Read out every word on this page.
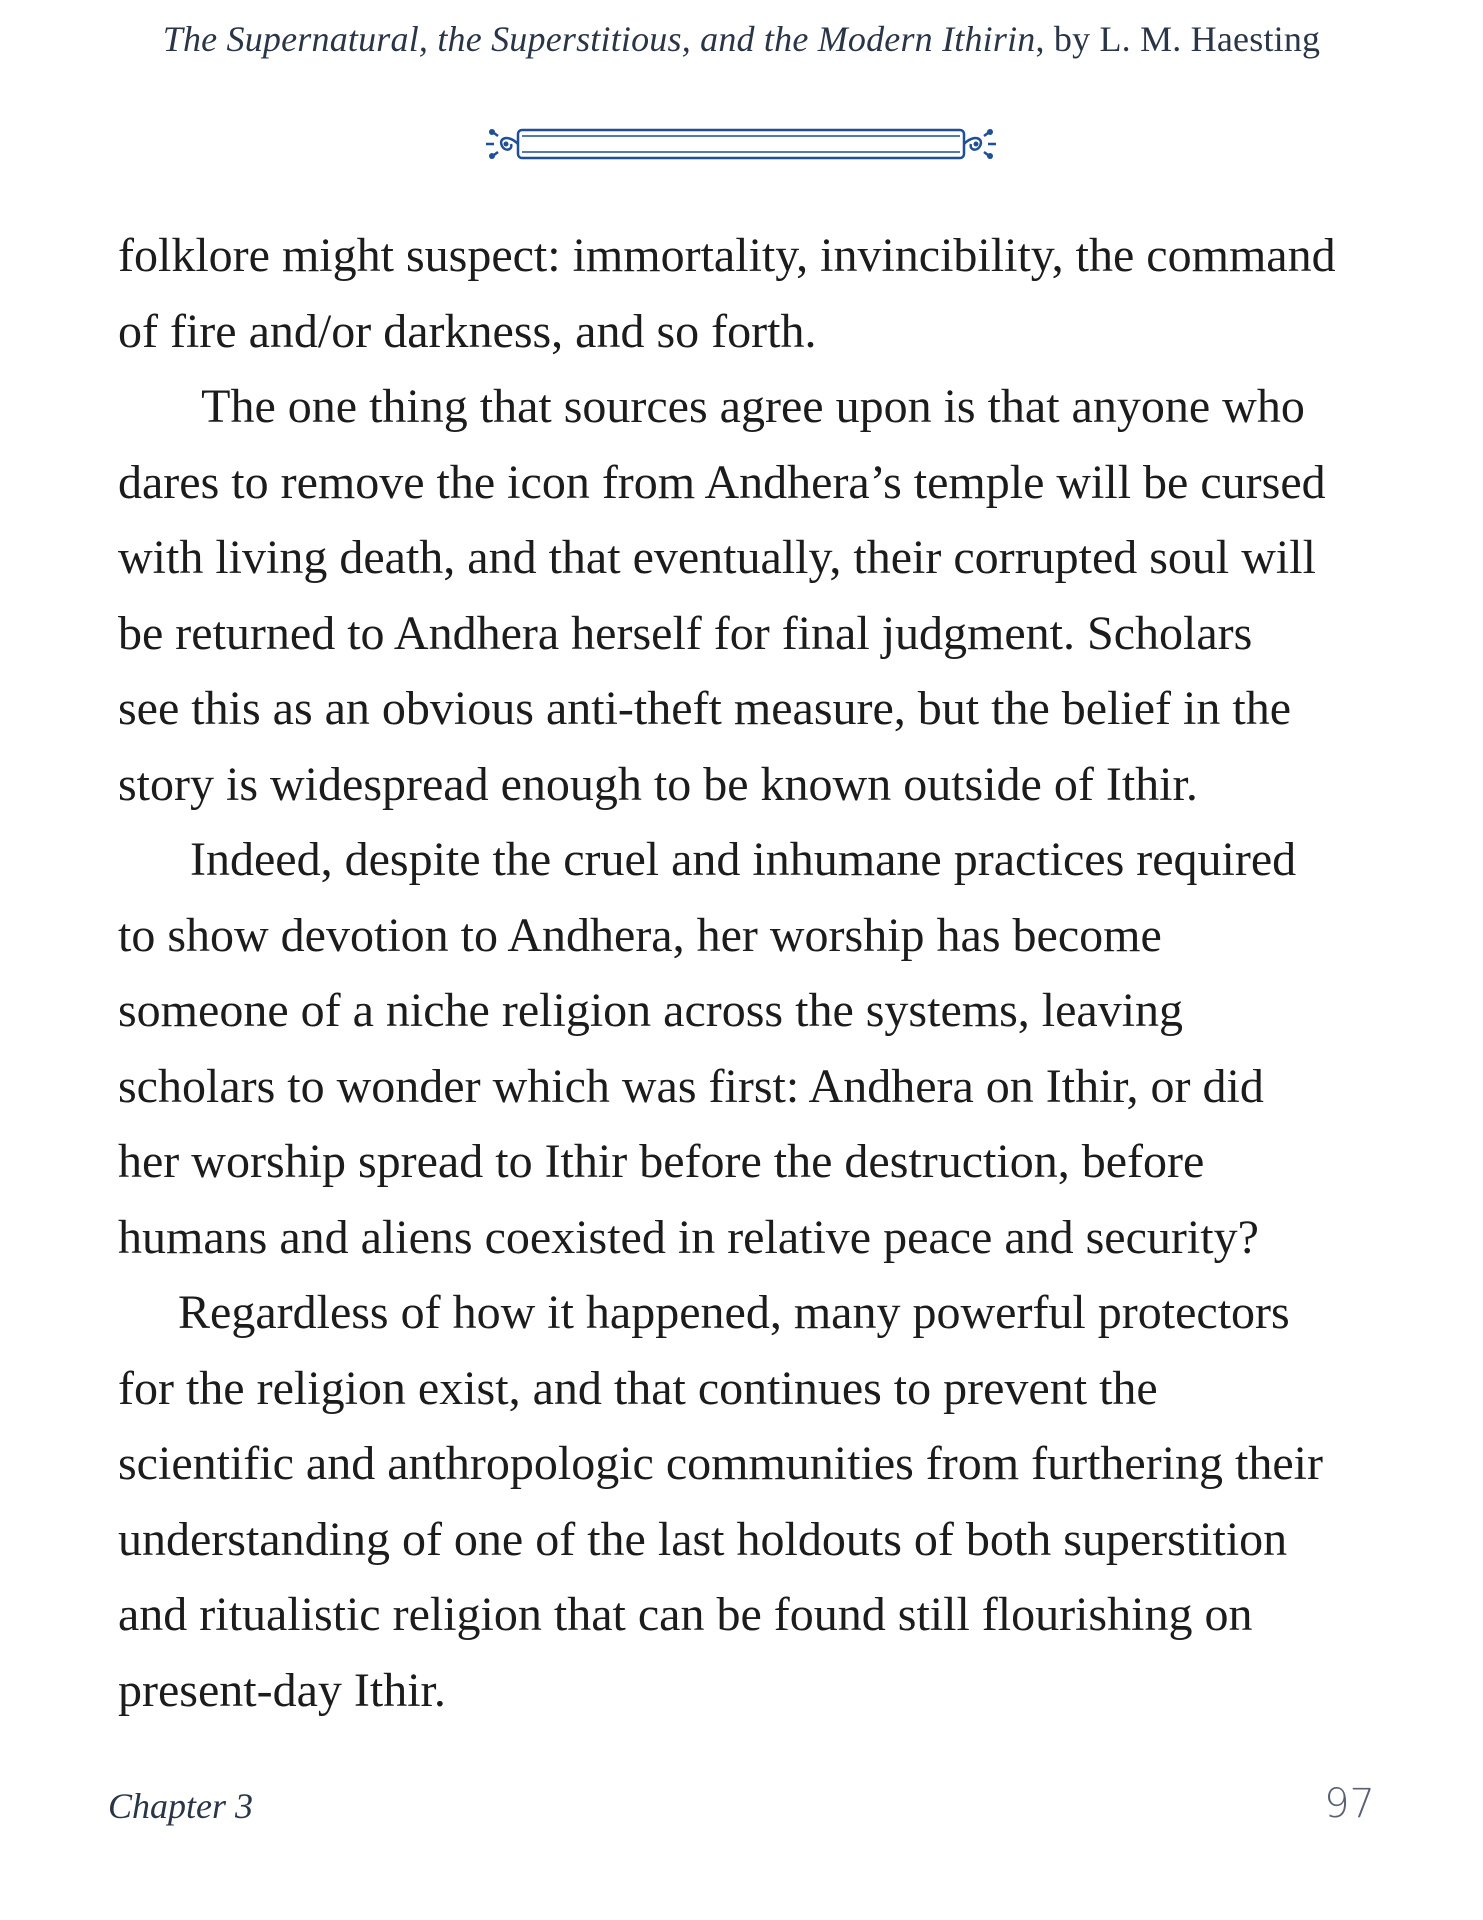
The Supernatural, the Superstitious, and the Modern Ithirin, by L. M. Haesting

folklore might suspect: immortality, invincibility, the command

of fire and/or darkness, and so forth.

The one thing that sources agree upon is that anyone who

dares to remove the icon from Andhera’s temple will be cursed

with living death, and that eventually, their corrupted soul will

be returned to Andhera herself for final judgment. Scholars

see this as an obvious anti-theft measure, but the belief in the

story is widespread enough to be known outside of Ithir.

Indeed, despite the cruel and inhumane practices required

to show devotion to Andhera, her worship has become

someone of a niche religion across the systems, leaving

scholars to wonder which was first: Andhera on Ithir, or did

her worship spread to Ithir before the destruction, before

humans and aliens coexisted in relative peace and security?

Regardless of how it happened, many powerful protectors

for the religion exist, and that continues to prevent the

scientific and anthropologic communities from furthering their

understanding of one of the last holdouts of both superstition

and ritualistic religion that can be found still flourishing on

present-day Ithir.

Chapter 3	97
